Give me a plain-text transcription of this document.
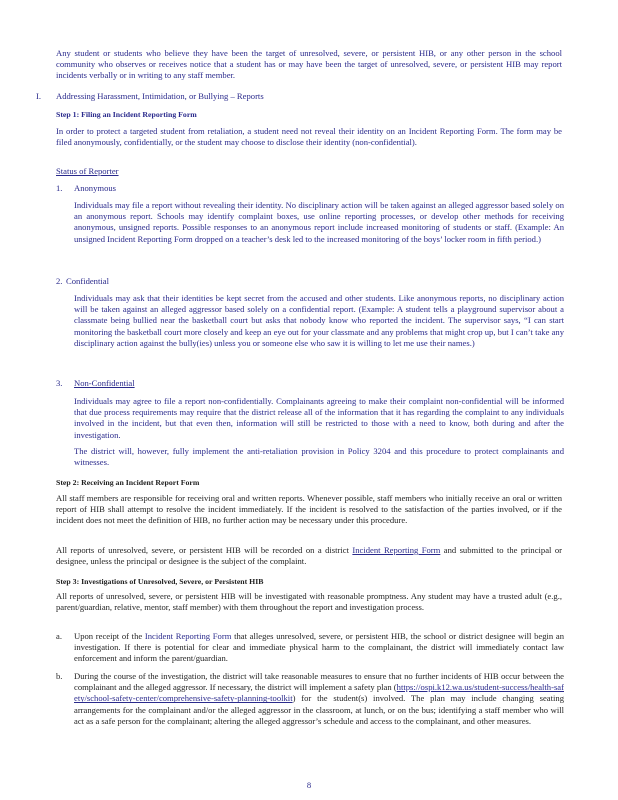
Any student or students who believe they have been the target of unresolved, severe, or persistent HIB, or any other person in the school community who observes or receives notice that a student has or may have been the target of unresolved, severe, or persistent HIB may report incidents verbally or in writing to any staff member.
I. Addressing Harassment, Intimidation, or Bullying – Reports
Step 1: Filing an Incident Reporting Form
In order to protect a targeted student from retaliation, a student need not reveal their identity on an Incident Reporting Form. The form may be filed anonymously, confidentially, or the student may choose to disclose their identity (non-confidential).
Status of Reporter
1. Anonymous
Individuals may file a report without revealing their identity. No disciplinary action will be taken against an alleged aggressor based solely on an anonymous report. Schools may identify complaint boxes, use online reporting processes, or develop other methods for receiving anonymous, unsigned reports. Possible responses to an anonymous report include increased monitoring of students or staff. (Example: An unsigned Incident Reporting Form dropped on a teacher’s desk led to the increased monitoring of the boys’ locker room in fifth period.)
2. Confidential
Individuals may ask that their identities be kept secret from the accused and other students. Like anonymous reports, no disciplinary action will be taken against an alleged aggressor based solely on a confidential report. (Example: A student tells a playground supervisor about a classmate being bullied near the basketball court but asks that nobody know who reported the incident. The supervisor says, “I can start monitoring the basketball court more closely and keep an eye out for your classmate and any problems that might crop up, but I can’t take any disciplinary action against the bully(ies) unless you or someone else who saw it is willing to let me use their names.)
3. Non-Confidential
Individuals may agree to file a report non-confidentially. Complainants agreeing to make their complaint non-confidential will be informed that due process requirements may require that the district release all of the information that it has regarding the complaint to any individuals involved in the incident, but that even then, information will still be restricted to those with a need to know, both during and after the investigation.
The district will, however, fully implement the anti-retaliation provision in Policy 3204 and this procedure to protect complainants and witnesses.
Step 2: Receiving an Incident Report Form
All staff members are responsible for receiving oral and written reports. Whenever possible, staff members who initially receive an oral or written report of HIB shall attempt to resolve the incident immediately. If the incident is resolved to the satisfaction of the parties involved, or if the incident does not meet the definition of HIB, no further action may be necessary under this procedure.
All reports of unresolved, severe, or persistent HIB will be recorded on a district Incident Reporting Form and submitted to the principal or designee, unless the principal or designee is the subject of the complaint.
Step 3: Investigations of Unresolved, Severe, or Persistent HIB
All reports of unresolved, severe, or persistent HIB will be investigated with reasonable promptness. Any student may have a trusted adult (e.g., parent/guardian, relative, mentor, staff member) with them throughout the report and investigation process.
a. Upon receipt of the Incident Reporting Form that alleges unresolved, severe, or persistent HIB, the school or district designee will begin an investigation. If there is potential for clear and immediate physical harm to the complainant, the district will immediately contact law enforcement and inform the parent/guardian.
b. During the course of the investigation, the district will take reasonable measures to ensure that no further incidents of HIB occur between the complainant and the alleged aggressor. If necessary, the district will implement a safety plan (https://ospi.k12.wa.us/student-success/health-safety/school-safety-center/comprehensive-safety-planning-toolkit) for the student(s) involved. The plan may include changing seating arrangements for the complainant and/or the alleged aggressor in the classroom, at lunch, or on the bus; identifying a staff member who will act as a safe person for the complainant; altering the alleged aggressor’s schedule and access to the complainant, and other measures.
8
